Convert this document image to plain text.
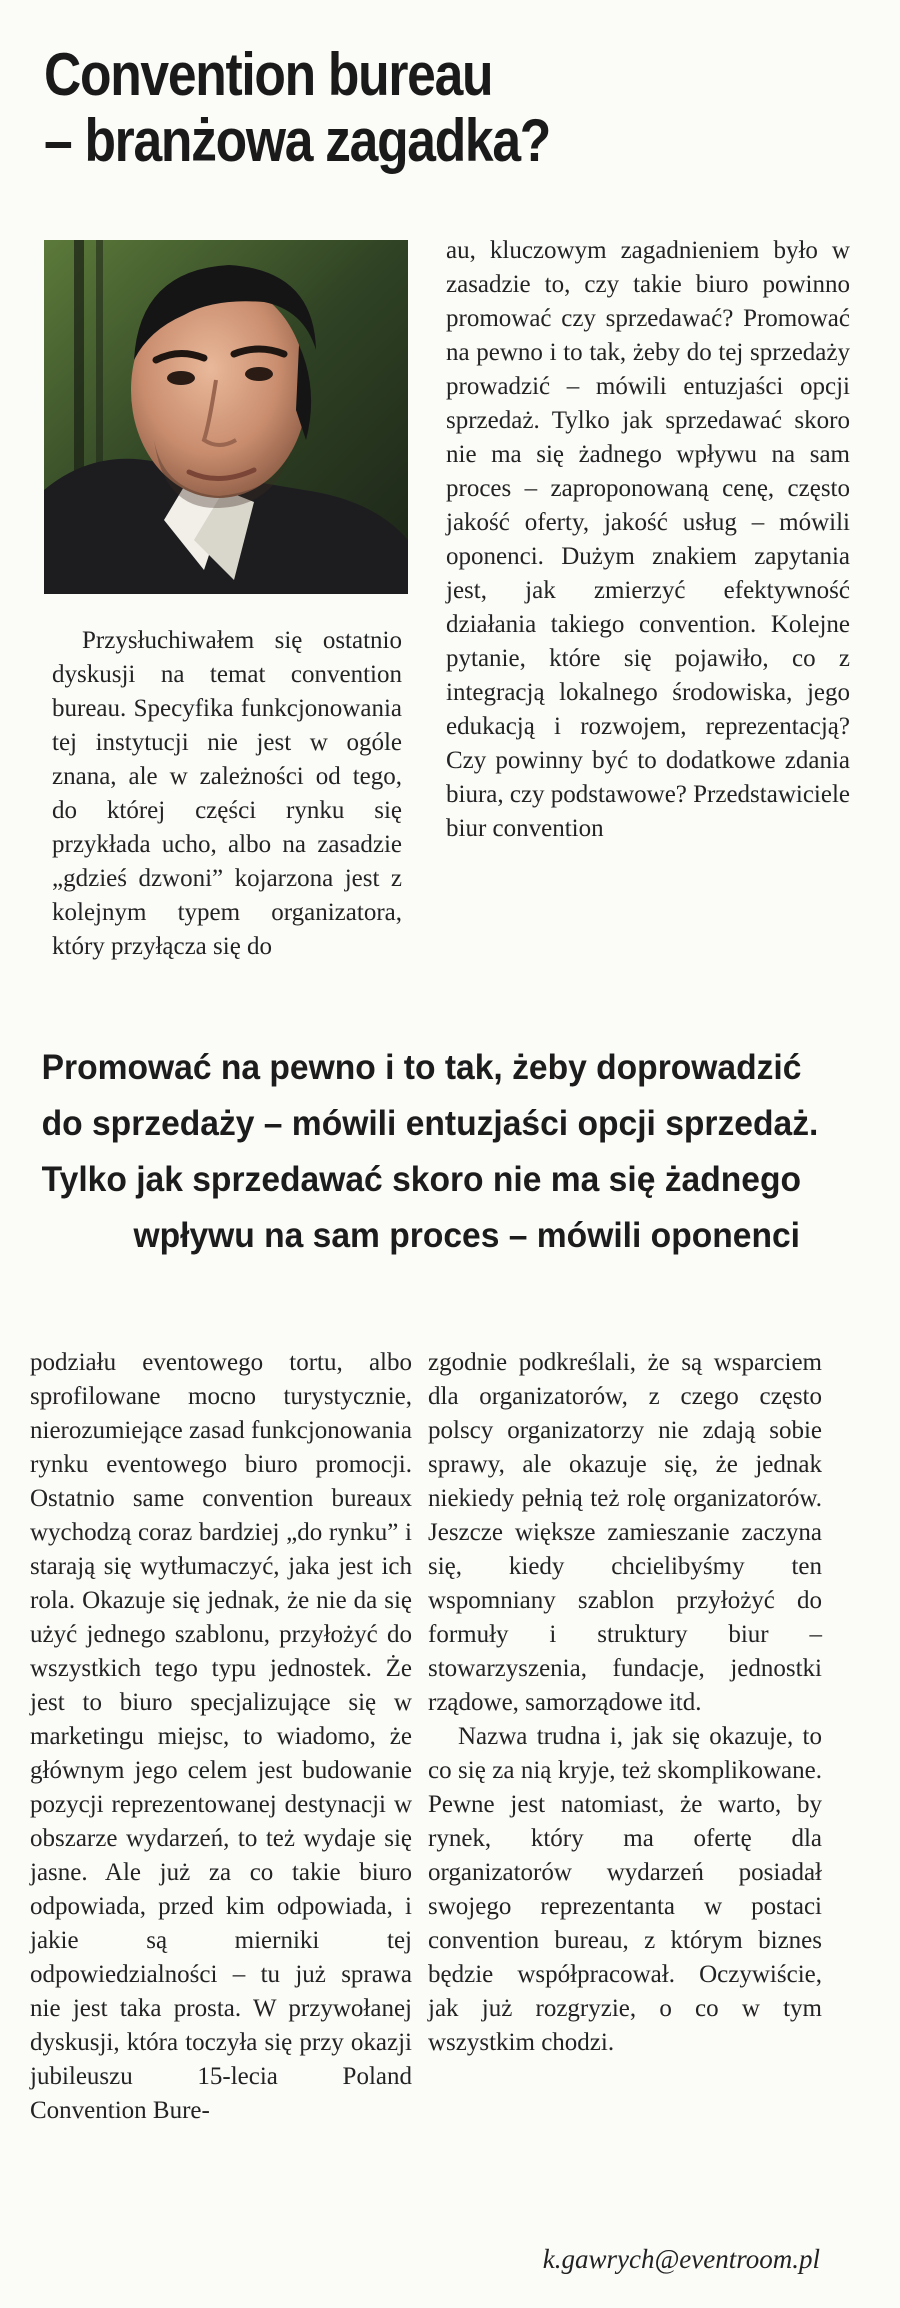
Convention bureau
– branżowa zagadka?

Przysłuchiwałem się ostatnio dyskusji na temat convention bureau. Specyfika funkcjonowania tej instytucji nie jest w ogóle znana, ale w zależności od tego, do której części rynku się przykłada ucho, albo na zasadzie „gdzieś dzwoni” kojarzona jest z kolejnym typem organizatora, który przyłącza się do

au, kluczowym zagadnieniem było w zasadzie to, czy takie biuro powinno promować czy sprzedawać? Promować na pewno i to tak, żeby do tej sprzedaży prowadzić – mówili entuzjaści opcji sprzedaż. Tylko jak sprzedawać skoro nie ma się żadnego wpływu na sam proces – zaproponowaną cenę, często jakość oferty, jakość usług – mówili oponenci. Dużym znakiem zapytania jest, jak zmierzyć efektywność działania takiego convention. Kolejne pytanie, które się pojawiło, co z integracją lokalnego środowiska, jego edukacją i rozwojem, reprezentacją? Czy powinny być to dodatkowe zdania biura, czy podstawowe? Przedstawiciele biur convention

Promować na pewno i to tak, żeby doprowadzić
do sprzedaży – mówili entuzjaści opcji sprzedaż.
Tylko jak sprzedawać skoro nie ma się żadnego
wpływu na sam proces – mówili oponenci

podziału eventowego tortu, albo sprofilowane mocno turystycznie, nierozumiejące zasad funkcjonowania rynku eventowego biuro promocji. Ostatnio same convention bureaux wychodzą coraz bardziej „do rynku” i starają się wytłumaczyć, jaka jest ich rola. Okazuje się jednak, że nie da się użyć jednego szablonu, przyłożyć do wszystkich tego typu jednostek. Że jest to biuro specjalizujące się w marketingu miejsc, to wiadomo, że głównym jego celem jest budowanie pozycji reprezentowanej destynacji w obszarze wydarzeń, to też wydaje się jasne. Ale już za co takie biuro odpowiada, przed kim odpowiada, i jakie są mierniki tej odpowiedzialności – tu już sprawa nie jest taka prosta. W przywołanej dyskusji, która toczyła się przy okazji jubileuszu 15-lecia Poland Convention Bure-

zgodnie podkreślali, że są wsparciem dla organizatorów, z czego często polscy organizatorzy nie zdają sobie sprawy, ale okazuje się, że jednak niekiedy pełnią też rolę organizatorów. Jeszcze większe zamieszanie zaczyna się, kiedy chcielibyśmy ten wspomniany szablon przyłożyć do formuły i struktury biur – stowarzyszenia, fundacje, jednostki rządowe, samorządowe itd.

Nazwa trudna i, jak się okazuje, to co się za nią kryje, też skomplikowane. Pewne jest natomiast, że warto, by rynek, który ma ofertę dla organizatorów wydarzeń posiadał swojego reprezentanta w postaci convention bureau, z którym biznes będzie współpracował. Oczywiście, jak już rozgryzie, o co w tym wszystkim chodzi.

k.gawrych@eventroom.pl
